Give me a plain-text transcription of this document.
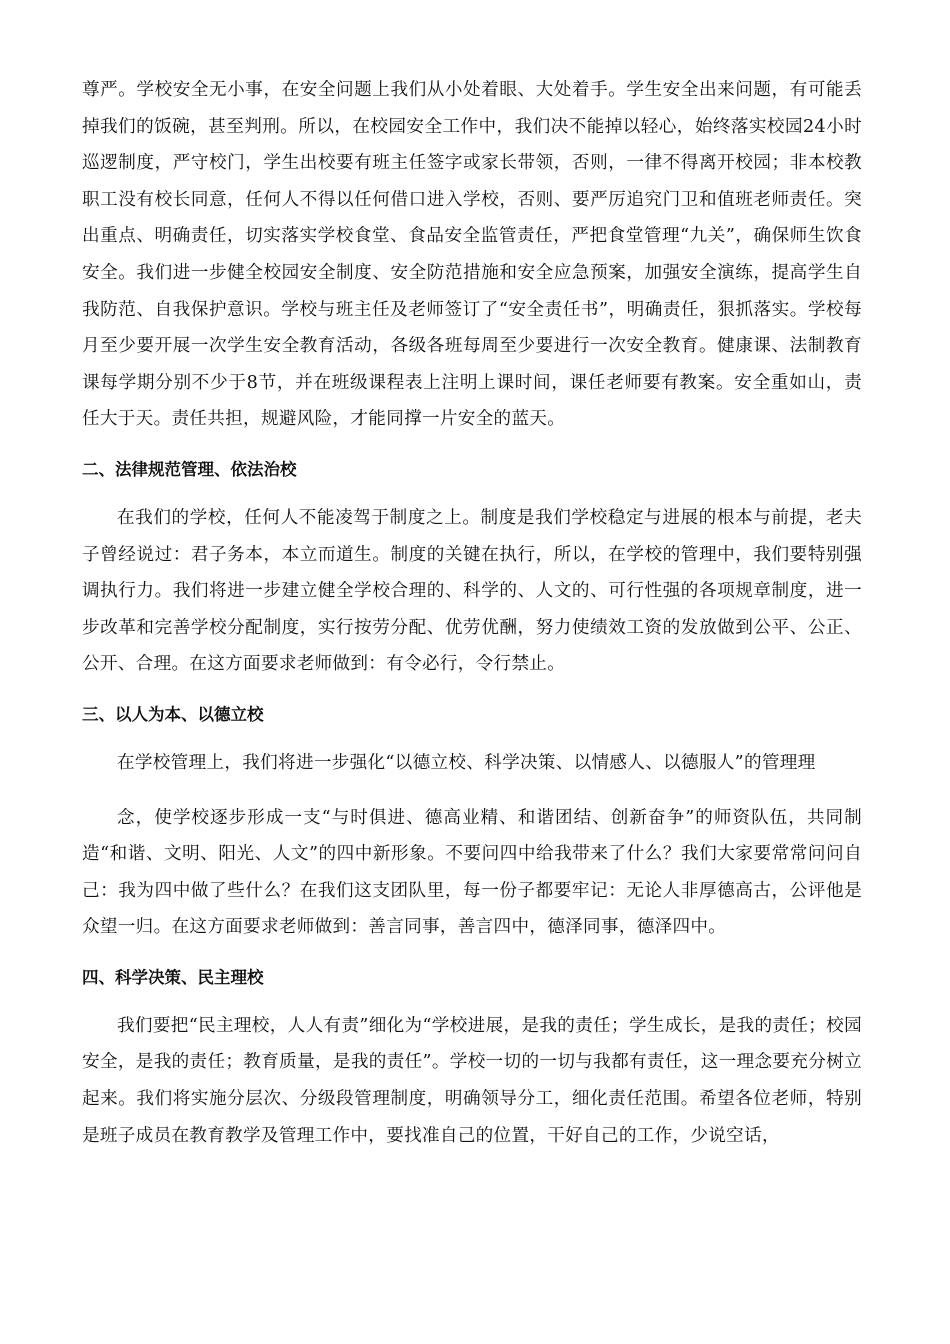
尊严。学校安全无小事，在安全问题上我们从小处着眼、大处着手。学生安全出来问题，有可能丢掉我们的饭碗，甚至判刑。所以，在校园安全工作中，我们决不能掉以轻心，始终落实校园24小时巡逻制度，严守校门，学生出校要有班主任签字或家长带领，否则，一律不得离开校园；非本校教职工没有校长同意，任何人不得以任何借口进入学校，否则、要严厉追究门卫和值班老师责任。突出重点、明确责任，切实落实学校食堂、食品安全监管责任，严把食堂管理“九关”，确保师生饮食安全。我们进一步健全校园安全制度、安全防范措施和安全应急预案，加强安全演练，提高学生自我防范、自我保护意识。学校与班主任及老师签订了“安全责任书”，明确责任，狠抓落实。学校每月至少要开展一次学生安全教育活动，各级各班每周至少要进行一次安全教育。健康课、法制教育课每学期分别不少于8节，并在班级课程表上注明上课时间，课任老师要有教案。安全重如山，责任大于天。责任共担，规避风险，才能同撑一片安全的蓝天。

二、法律规范管理、依法治校

在我们的学校，任何人不能凌驾于制度之上。制度是我们学校稳定与进展的根本与前提，老夫子曾经说过：君子务本，本立而道生。制度的关键在执行，所以，在学校的管理中，我们要特别强调执行力。我们将进一步建立健全学校合理的、科学的、人文的、可行性强的各项规章制度，进一步改革和完善学校分配制度，实行按劳分配、优劳优酬，努力使绩效工资的发放做到公平、公正、公开、合理。在这方面要求老师做到：有令必行，令行禁止。

三、以人为本、以德立校

在学校管理上，我们将进一步强化“以德立校、科学决策、以情感人、以德服人”的管理理

念，使学校逐步形成一支“与时俱进、德高业精、和谐团结、创新奋争”的师资队伍，共同制造“和谐、文明、阳光、人文”的四中新形象。不要问四中给我带来了什么？我们大家要常常问问自己：我为四中做了些什么？在我们这支团队里，每一份子都要牢记：无论人非厚德高古，公评他是众望一归。在这方面要求老师做到：善言同事，善言四中，德泽同事，德泽四中。

四、科学决策、民主理校

我们要把“民主理校，人人有责”细化为“学校进展，是我的责任；学生成长，是我的责任；校园安全，是我的责任；教育质量，是我的责任”。学校一切的一切与我都有责任，这一理念要充分树立起来。我们将实施分层次、分级段管理制度，明确领导分工，细化责任范围。希望各位老师，特别是班子成员在教育教学及管理工作中，要找准自己的位置，干好自己的工作，少说空话，
